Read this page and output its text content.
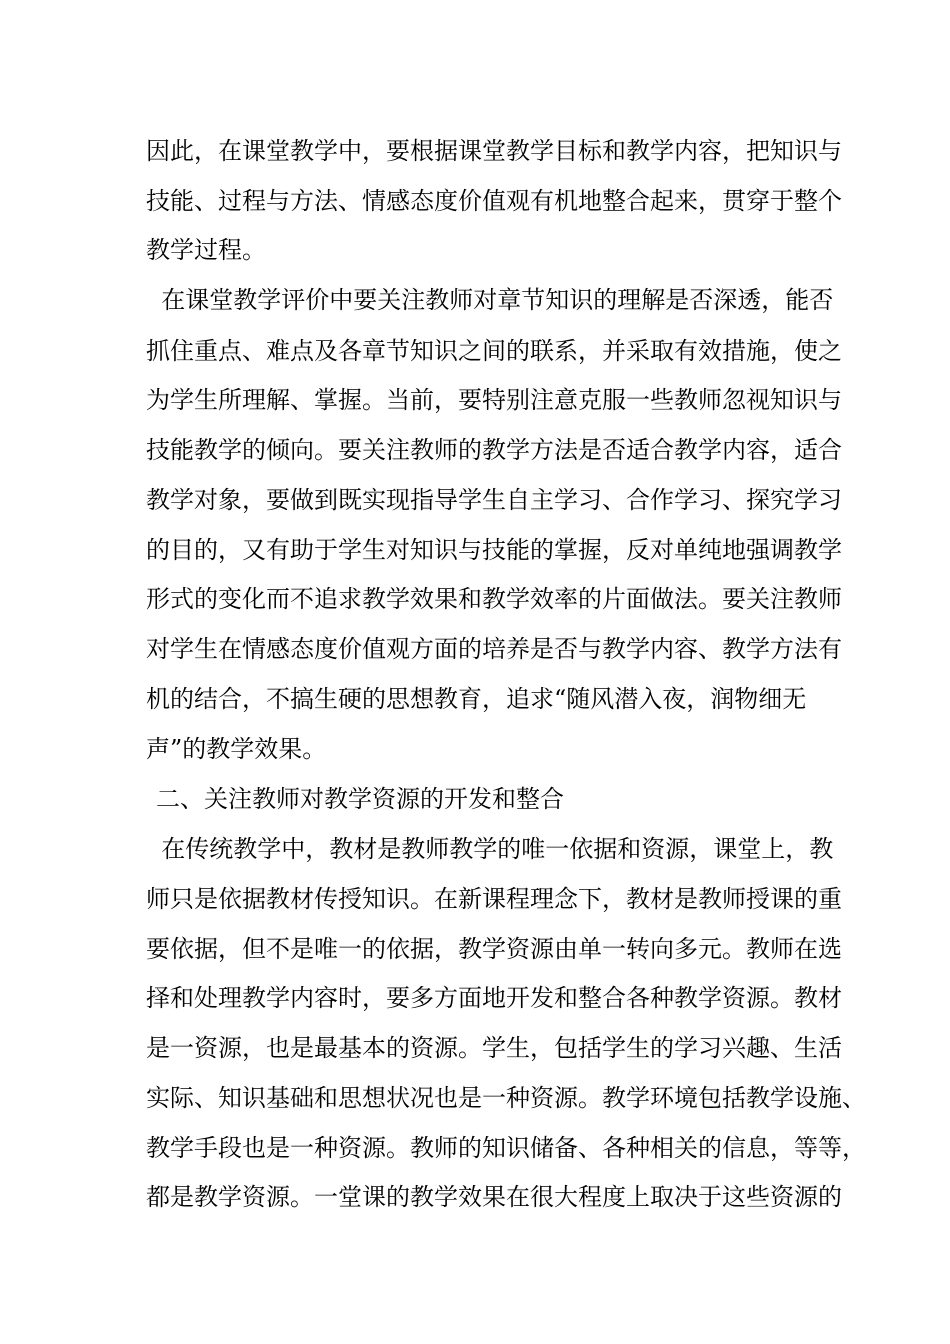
因此，在课堂教学中，要根据课堂教学目标和教学内容，把知识与
技能、过程与方法、情感态度价值观有机地整合起来，贯穿于整个
教学过程。
在课堂教学评价中要关注教师对章节知识的理解是否深透，能否
抓住重点、难点及各章节知识之间的联系，并采取有效措施，使之
为学生所理解、掌握。当前，要特别注意克服一些教师忽视知识与
技能教学的倾向。要关注教师的教学方法是否适合教学内容，适合
教学对象，要做到既实现指导学生自主学习、合作学习、探究学习
的目的，又有助于学生对知识与技能的掌握，反对单纯地强调教学
形式的变化而不追求教学效果和教学效率的片面做法。要关注教师
对学生在情感态度价值观方面的培养是否与教学内容、教学方法有
机的结合，不搞生硬的思想教育，追求“随风潜入夜，润物细无
声”的教学效果。
二、关注教师对教学资源的开发和整合
在传统教学中，教材是教师教学的唯一依据和资源，课堂上，教
师只是依据教材传授知识。在新课程理念下，教材是教师授课的重
要依据，但不是唯一的依据，教学资源由单一转向多元。教师在选
择和处理教学内容时，要多方面地开发和整合各种教学资源。教材
是一资源，也是最基本的资源。学生，包括学生的学习兴趣、生活
实际、知识基础和思想状况也是一种资源。教学环境包括教学设施、
教学手段也是一种资源。教师的知识储备、各种相关的信息，等等，
都是教学资源。一堂课的教学效果在很大程度上取决于这些资源的
